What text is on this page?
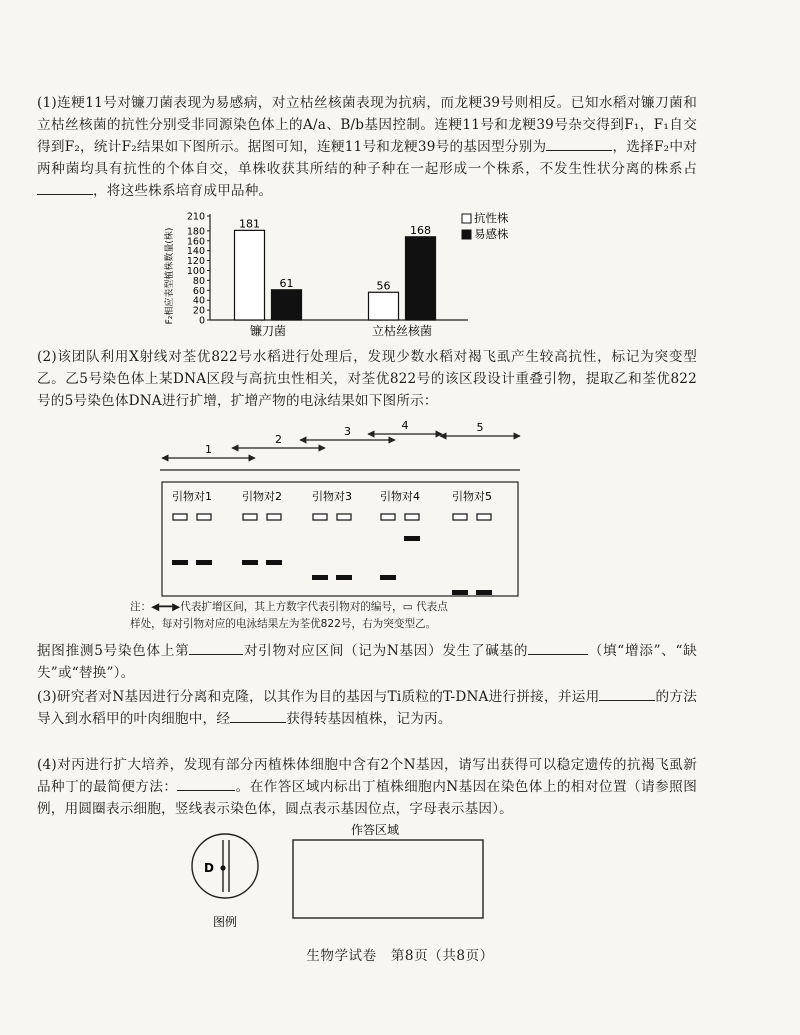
(1)连粳11号对镰刀菌表现为易感病，对立枯丝核菌表现为抗病，而龙粳39号则相反。已知水稻对镰刀菌和立枯丝核菌的抗性分别受非同源染色体上的A/a、B/b基因控制。连粳11号和龙粳39号杂交得到F₁，F₁自交得到F₂，统计F₂结果如下图所示。据图可知，连粳11号和龙粳39号的基因型分别为	，选择F₂中对两种菌均具有抗性的个体自交，单株收获其所结的种子种在一起形成一个株系，不发生性状分离的株系占，将这些株系培育成甲品种。
F₂相应表型植株数量(株)	0
20
40
60
80
100
120
140
160
180
210
181
61	56
168
镰刀菌	立枯丝核菌
抗性株
易感株
(2)该团队利用X射线对荃优822号水稻进行处理后，发现少数水稻对褐飞虱产生较高抗性，标记为突变型乙。乙5号染色体上某DNA区段与高抗虫性相关，对荃优822号的该区段设计重叠引物，提取乙和荃优822号的5号染色体DNA进行扩增，扩增产物的电泳结果如下图所示：
1
2
3	4	5
引物对1	引物对2	引物对3	引物对4	引物对5
注：◀━━▶代表扩增区间，其上方数字代表引物对的编号，▭ 代表点
样处，每对引物对应的电泳结果左为荃优822号，右为突变型乙。
据图推测5号染色体上第	对引物对应区间（记为N基因）发生了碱基的	（填“增添”、“缺失”或“替换”）。
(3)研究者对N基因进行分离和克隆，以其作为目的基因与Ti质粒的T-DNA进行拼接，并运用	的方法导入到水稻甲的叶肉细胞中，经	获得转基因植株，记为丙。
(4)对丙进行扩大培养，发现有部分丙植株体细胞中含有2个N基因，请写出获得可以稳定遗传的抗褐飞虱新品种丁的最简便方法：	。在作答区域内标出丁植株细胞内N基因在染色体上的相对位置（请参照图例，用圆圈表示细胞，竖线表示染色体，圆点表示基因位点，字母表示基因）。
D
图例
作答区域
生物学试卷　第8页（共8页）
